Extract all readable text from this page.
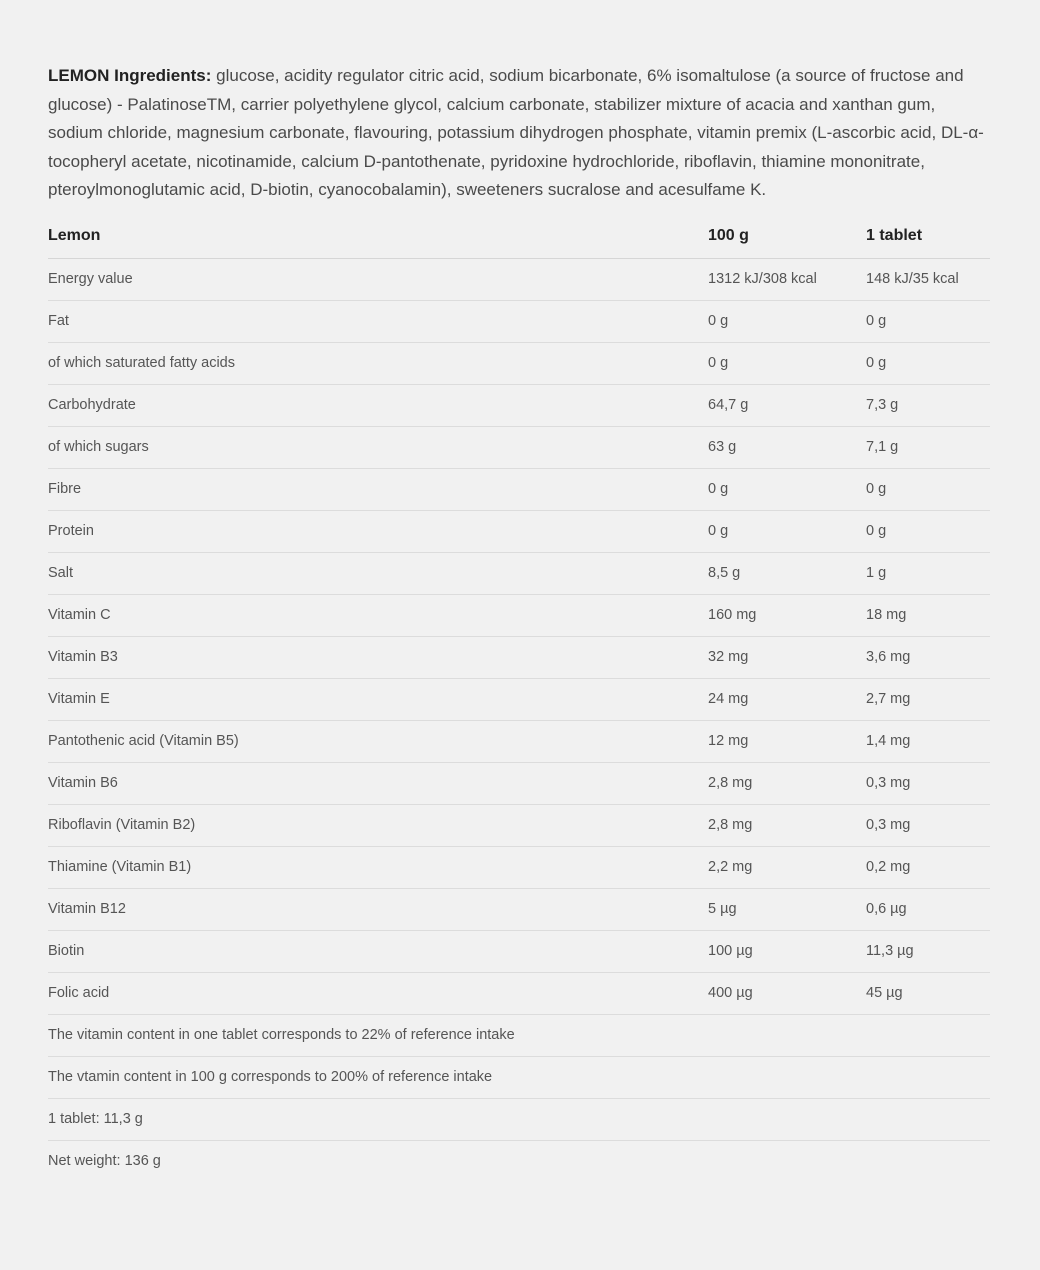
LEMON Ingredients: glucose, acidity regulator citric acid, sodium bicarbonate, 6% isomaltulose (a source of fructose and glucose) - PalatinoseTM, carrier polyethylene glycol, calcium carbonate, stabilizer mixture of acacia and xanthan gum, sodium chloride, magnesium carbonate, flavouring, potassium dihydrogen phosphate, vitamin premix (L-ascorbic acid, DL-α-tocopheryl acetate, nicotinamide, calcium D-pantothenate, pyridoxine hydrochloride, riboflavin, thiamine mononitrate, pteroylmonoglutamic acid, D-biotin, cyanocobalamin), sweeteners sucralose and acesulfame K.

Lemon	100 g	1 tablet
Energy value	1312 kJ/308 kcal	148 kJ/35 kcal
Fat	0 g	0 g
of which saturated fatty acids	0 g	0 g
Carbohydrate	64,7 g	7,3 g
of which sugars	63 g	7,1 g
Fibre	0 g	0 g
Protein	0 g	0 g
Salt	8,5 g	1 g
Vitamin C	160 mg	18 mg
Vitamin B3	32 mg	3,6 mg
Vitamin E	24 mg	2,7 mg
Pantothenic acid (Vitamin B5)	12 mg	1,4 mg
Vitamin B6	2,8 mg	0,3 mg
Riboflavin (Vitamin B2)	2,8 mg	0,3 mg
Thiamine (Vitamin B1)	2,2 mg	0,2 mg
Vitamin B12	5 µg	0,6 µg
Biotin	100 µg	11,3 µg
Folic acid	400 µg	45 µg
The vitamin content in one tablet corresponds to 22% of reference intake		
The vtamin content in 100 g corresponds to 200% of reference intake		
1 tablet: 11,3 g		
Net weight: 136 g		
